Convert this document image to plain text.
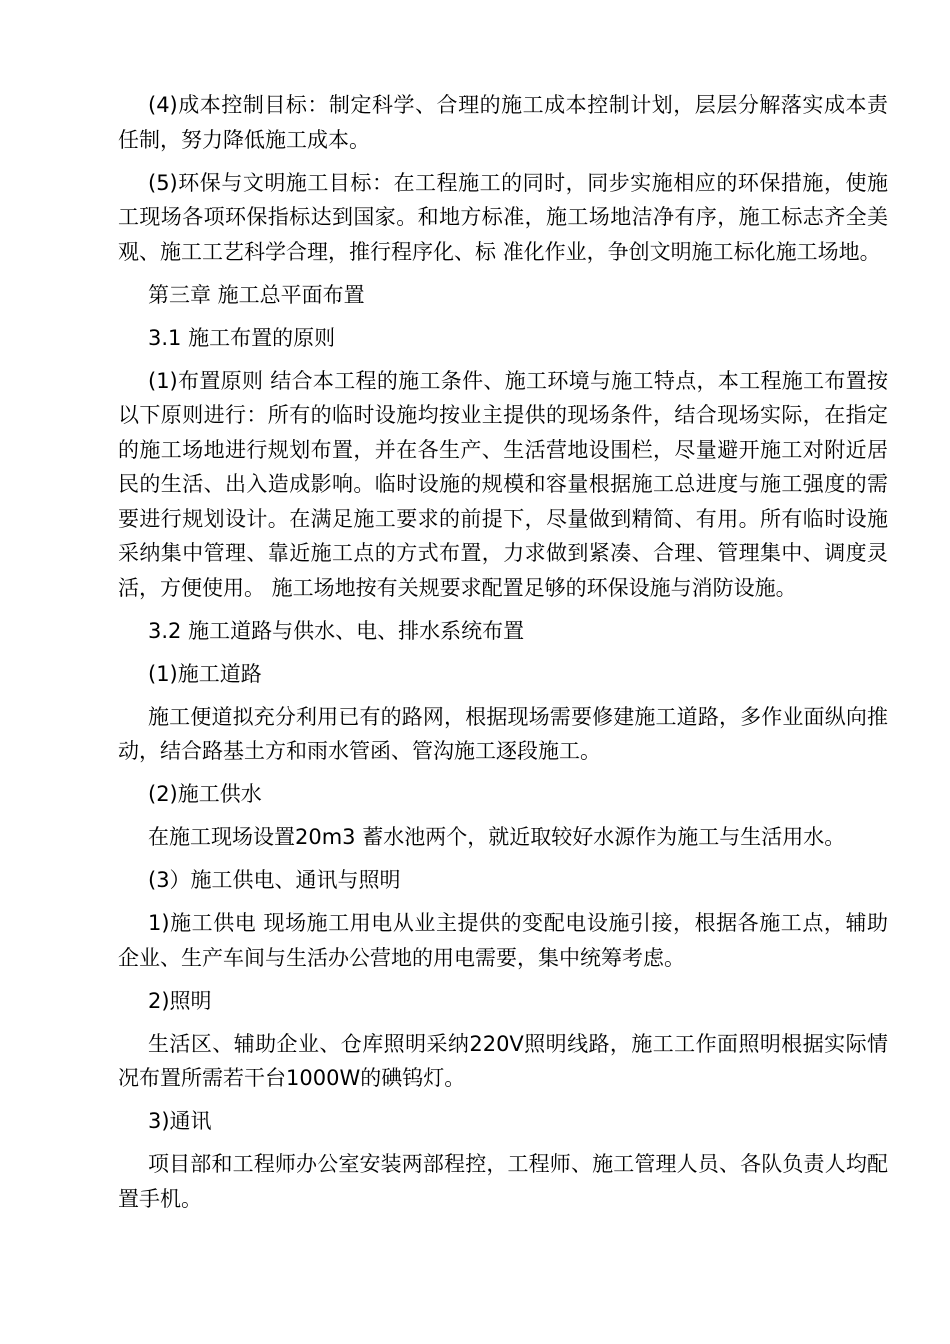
(4)成本控制目标：制定科学、合理的施工成本控制计划，层层分解落实成本责任制，努力降低施工成本。

(5)环保与文明施工目标：在工程施工的同时，同步实施相应的环保措施，使施工现场各项环保指标达到国家。和地方标准，施工场地洁净有序，施工标志齐全美观、施工工艺科学合理，推行程序化、标 准化作业，争创文明施工标化施工场地。

第三章 施工总平面布置

3.1 施工布置的原则

(1)布置原则 结合本工程的施工条件、施工环境与施工特点，本工程施工布置按以下原则进行：所有的临时设施均按业主提供的现场条件，结合现场实际，在指定的施工场地进行规划布置，并在各生产、生活营地设围栏，尽量避开施工对附近居民的生活、出入造成影响。临时设施的规模和容量根据施工总进度与施工强度的需要进行规划设计。在满足施工要求的前提下，尽量做到精简、有用。所有临时设施采纳集中管理、靠近施工点的方式布置，力求做到紧凑、合理、管理集中、调度灵活，方便使用。 施工场地按有关规要求配置足够的环保设施与消防设施。

3.2 施工道路与供水、电、排水系统布置

(1)施工道路

施工便道拟充分利用已有的路网，根据现场需要修建施工道路，多作业面纵向推动，结合路基土方和雨水管函、管沟施工逐段施工。

(2)施工供水

在施工现场设置20m3 蓄水池两个，就近取较好水源作为施工与生活用水。

(3）施工供电、通讯与照明

1)施工供电 现场施工用电从业主提供的变配电设施引接，根据各施工点，辅助企业、生产车间与生活办公营地的用电需要，集中统筹考虑。

2)照明

生活区、辅助企业、仓库照明采纳220V照明线路，施工工作面照明根据实际情况布置所需若干台1000W的碘钨灯。

3)通讯

项目部和工程师办公室安装两部程控，工程师、施工管理人员、各队负责人均配置手机。
